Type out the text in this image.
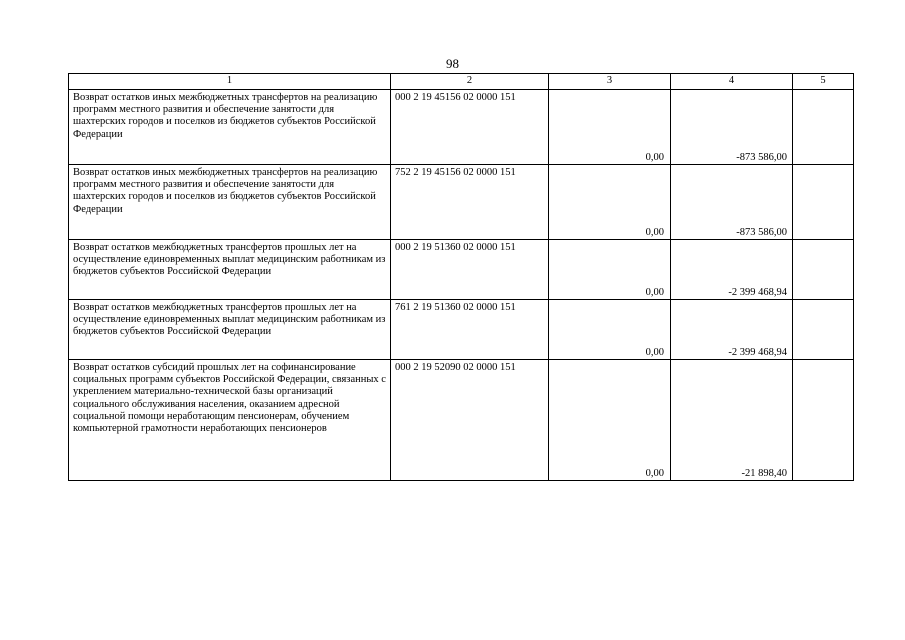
98
1	2	3	4	5
Возврат остатков иных межбюджетных трансфертов на реализацию программ местного развития и обеспечение занятости для шахтерских городов и поселков из бюджетов субъектов Российской Федерации	000 2 19 45156 02 0000 151	0,00	-873 586,00	
Возврат остатков иных межбюджетных трансфертов на реализацию программ местного развития и обеспечение занятости для шахтерских городов и поселков из бюджетов субъектов Российской Федерации	752 2 19 45156 02 0000 151	0,00	-873 586,00	
Возврат остатков межбюджетных трансфертов прошлых лет на осуществление единовременных выплат медицинским работникам из бюджетов субъектов Российской Федерации	000 2 19 51360 02 0000 151	0,00	-2 399 468,94	
Возврат остатков межбюджетных трансфертов прошлых лет на осуществление единовременных выплат медицинским работникам из бюджетов субъектов Российской Федерации	761 2 19 51360 02 0000 151	0,00	-2 399 468,94	
Возврат остатков субсидий прошлых лет на софинансирование социальных программ субъектов Российской Федерации, связанных с укреплением материально-технической базы организаций социального обслуживания населения, оказанием адресной социальной помощи неработающим пенсионерам, обучением компьютерной грамотности неработающих пенсионеров	000 2 19 52090 02 0000 151	0,00	-21 898,40	
